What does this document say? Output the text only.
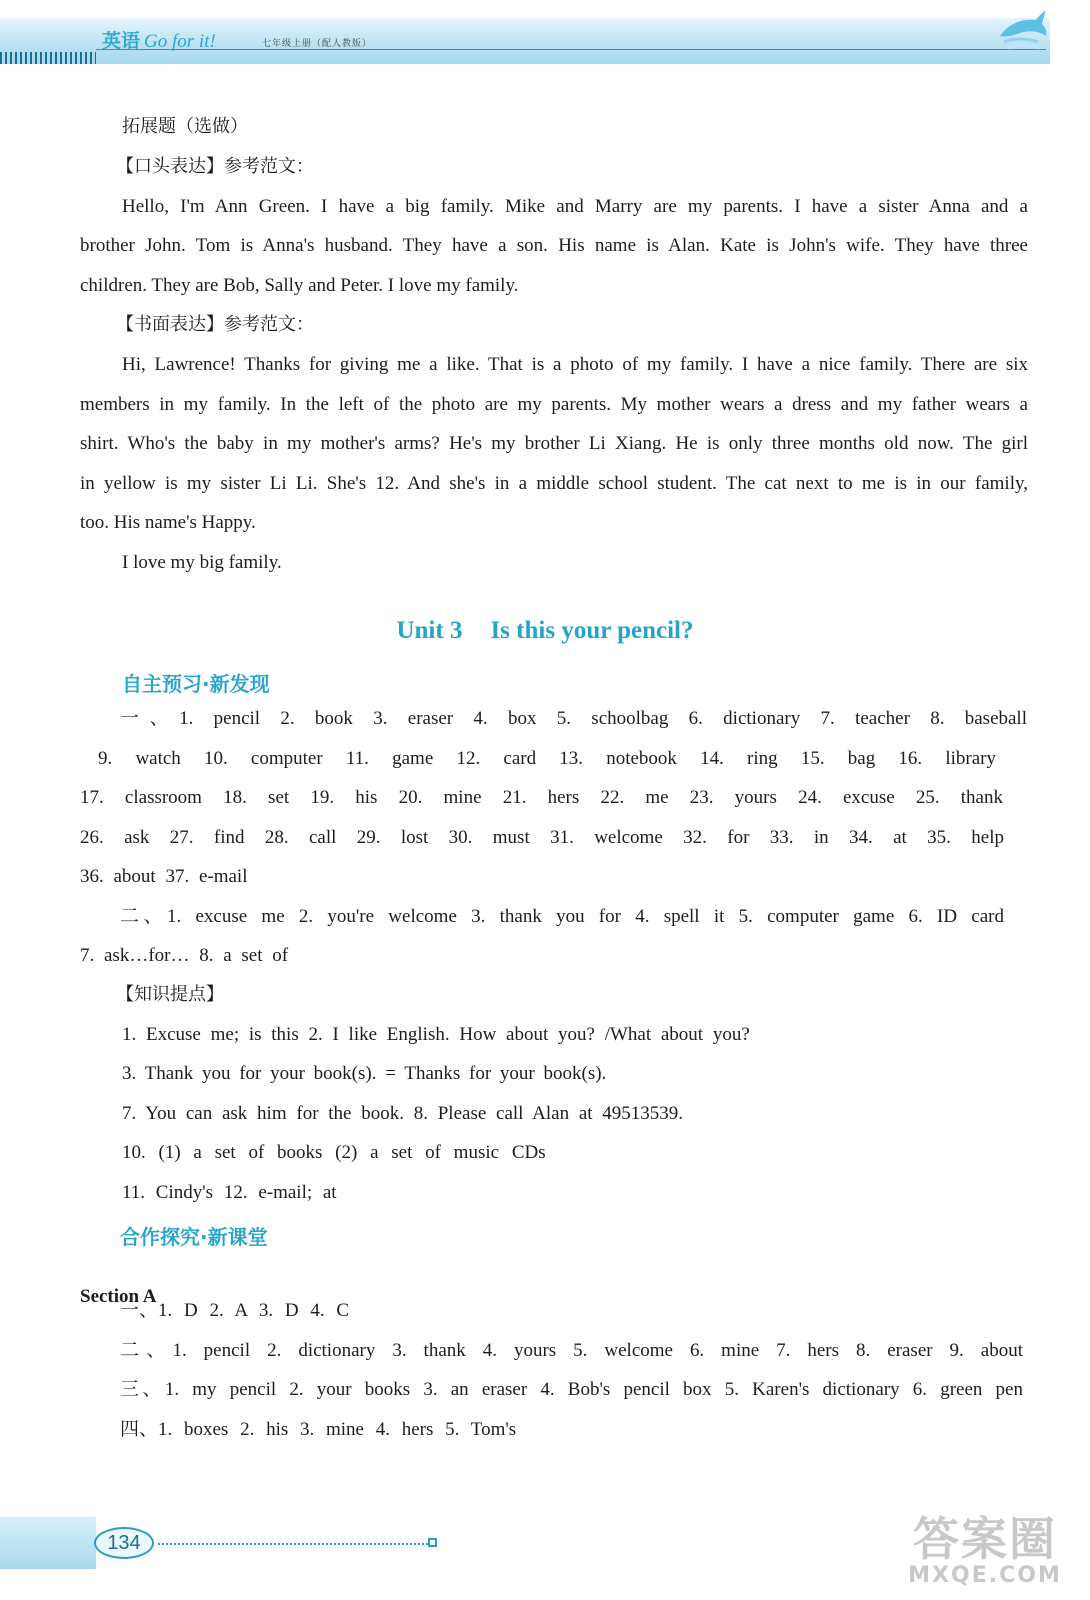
英语 Go for it!	七年级上册（配人教版）

拓展题（选做）

【口头表达】参考范文：

Hello, I'm Ann Green. I have a big family. Mike and Marry are my parents. I have a sister Anna and a

brother John. Tom is Anna's husband. They have a son. His name is Alan. Kate is John's wife. They have three

children. They are Bob, Sally and Peter. I love my family.

【书面表达】参考范文：

Hi, Lawrence! Thanks for giving me a like. That is a photo of my family. I have a nice family. There are six

members in my family. In the left of the photo are my parents. My mother wears a dress and my father wears a

shirt. Who's the baby in my mother's arms? He's my brother Li Xiang. He is only three months old now. The girl

in yellow is my sister Li Li. She's 12. And she's in a middle school student. The cat next to me is in our family,

too. His name's Happy.

I love my big family.

Unit 3 Is this your pencil?

自主预习·新发现

一、1. pencil 2. book 3. eraser 4. box 5. schoolbag 6. dictionary 7. teacher 8. baseball

9. watch 10. computer 11. game 12. card 13. notebook 14. ring 15. bag 16. library

17. classroom 18. set 19. his 20. mine 21. hers 22. me 23. yours 24. excuse 25. thank

26. ask 27. find 28. call 29. lost 30. must 31. welcome 32. for 33. in 34. at 35. help

36. about 37. e-mail

二、1. excuse me 2. you're welcome 3. thank you for 4. spell it 5. computer game 6. ID card

7. ask…for… 8. a set of

【知识提点】

1. Excuse me; is this 2. I like English. How about you? /What about you?

3. Thank you for your book(s). = Thanks for your book(s).

7. You can ask him for the book. 8. Please call Alan at 49513539.

10. (1) a set of books (2) a set of music CDs

11. Cindy's 12. e-mail; at

合作探究·新课堂

Section A

一、1. D 2. A 3. D 4. C

二、1. pencil 2. dictionary 3. thank 4. yours 5. welcome 6. mine 7. hers 8. eraser 9. about

三、1. my pencil 2. your books 3. an eraser 4. Bob's pencil box 5. Karen's dictionary 6. green pen

四、1. boxes 2. his 3. mine 4. hers 5. Tom's

134	答案圈
MXQE.COM
